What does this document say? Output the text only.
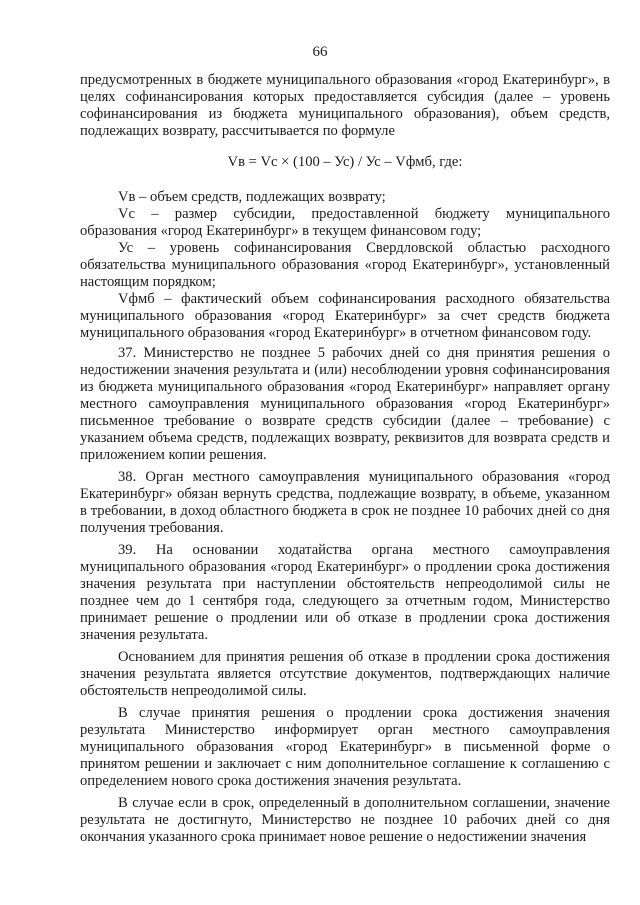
66

предусмотренных в бюджете муниципального образования «город Екатеринбург», в целях софинансирования которых предоставляется субсидия (далее – уровень софинансирования из бюджета муниципального образования), объем средств, подлежащих возврату, рассчитывается по формуле

Vв = Vс × (100 – Ус) / Ус – Vфмб, где:

Vв – объем средств, подлежащих возврату;

Vс – размер субсидии, предоставленной бюджету муниципального образования «город Екатеринбург» в текущем финансовом году;

Ус – уровень софинансирования Свердловской областью расходного обязательства муниципального образования «город Екатеринбург», установленный настоящим порядком;

Vфмб – фактический объем софинансирования расходного обязательства муниципального образования «город Екатеринбург» за счет средств бюджета муниципального образования «город Екатеринбург» в отчетном финансовом году.

37. Министерство не позднее 5 рабочих дней со дня принятия решения о недостижении значения результата и (или) несоблюдении уровня софинансирования из бюджета муниципального образования «город Екатеринбург» направляет органу местного самоуправления муниципального образования «город Екатеринбург» письменное требование о возврате средств субсидии (далее – требование) с указанием объема средств, подлежащих возврату, реквизитов для возврата средств и приложением копии решения.

38. Орган местного самоуправления муниципального образования «город Екатеринбург» обязан вернуть средства, подлежащие возврату, в объеме, указанном в требовании, в доход областного бюджета в срок не позднее 10 рабочих дней со дня получения требования.

39. На основании ходатайства органа местного самоуправления муниципального образования «город Екатеринбург» о продлении срока достижения значения результата при наступлении обстоятельств непреодолимой силы не позднее чем до 1 сентября года, следующего за отчетным годом, Министерство принимает решение о продлении или об отказе в продлении срока достижения значения результата.

Основанием для принятия решения об отказе в продлении срока достижения значения результата является отсутствие документов, подтверждающих наличие обстоятельств непреодолимой силы.

В случае принятия решения о продлении срока достижения значения результата Министерство информирует орган местного самоуправления муниципального образования «город Екатеринбург» в письменной форме о принятом решении и заключает с ним дополнительное соглашение к соглашению с определением нового срока достижения значения результата.

В случае если в срок, определенный в дополнительном соглашении, значение результата не достигнуто, Министерство не позднее 10 рабочих дней со дня окончания указанного срока принимает новое решение о недостижении значения
